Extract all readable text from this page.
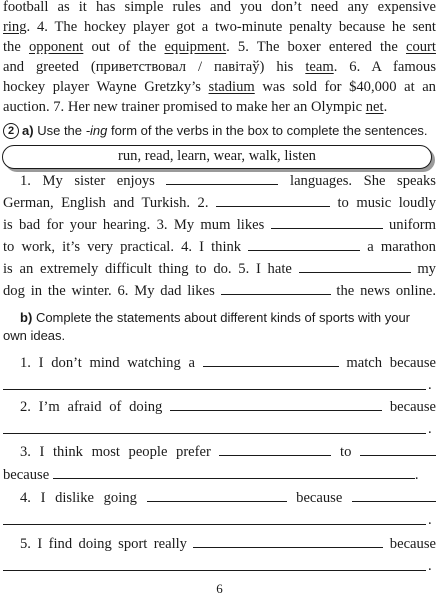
football as it has simple rules and you don’t need any expensive
ring. 4. The hockey player got a two-minute penalty because he sent
the opponent out of the equipment. 5. The boxer entered the court
and greeted (приветствовал / павітаў) his team. 6. A famous
hockey player Wayne Gretzky’s stadium was sold for $40,000 at an
auction. 7. Her new trainer promised to make her an Olympic net.
2 a) Use the -ing form of the verbs in the box to complete the sentences.
run, read, learn, wear, walk, listen
1. My sister enjoys	languages. She speaks
German, English and Turkish. 2.	to music loudly
is bad for your hearing. 3. My mum likes	uniform
to work, it’s very practical. 4. I think	a marathon
is an extremely difficult thing to do. 5. I hate	my
dog in the winter. 6. My dad likes	the news online.
b) Complete the statements about different kinds of sports with your
own ideas.
1. I don’t mind watching a	match because
.
2. I’m afraid of doing	because
.
3. I think most people prefer	to
because	.
4. I dislike going	because
.
5. I find doing sport really	because
.
6
